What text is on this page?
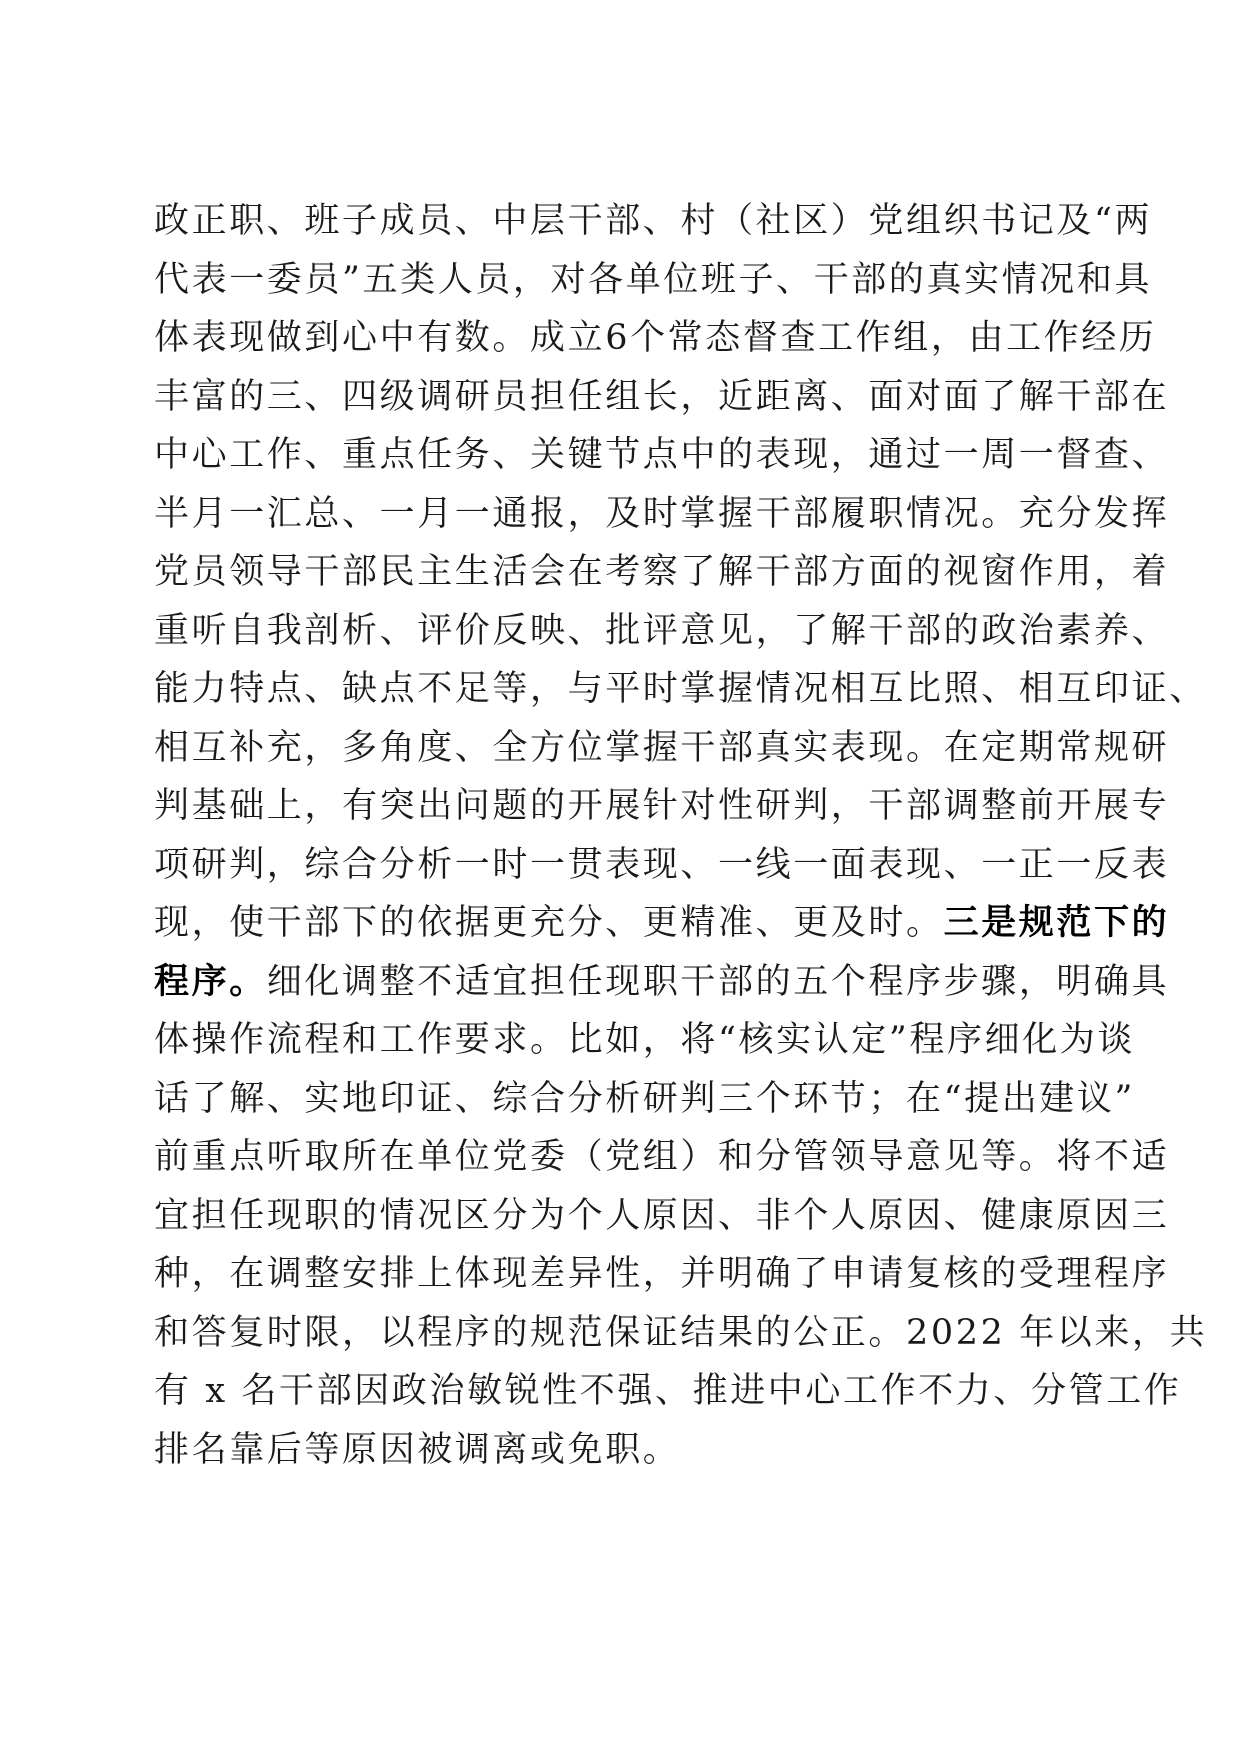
政正职、班子成员、中层干部、村（社区）党组织书记及“两
代表一委员”五类人员，对各单位班子、干部的真实情况和具
体表现做到心中有数。成立6个常态督查工作组，由工作经历
丰富的三、四级调研员担任组长，近距离、面对面了解干部在
中心工作、重点任务、关键节点中的表现，通过一周一督查、
半月一汇总、一月一通报，及时掌握干部履职情况。充分发挥
党员领导干部民主生活会在考察了解干部方面的视窗作用，着
重听自我剖析、评价反映、批评意见，了解干部的政治素养、
能力特点、缺点不足等，与平时掌握情况相互比照、相互印证、
相互补充，多角度、全方位掌握干部真实表现。在定期常规研
判基础上，有突出问题的开展针对性研判，干部调整前开展专
项研判，综合分析一时一贯表现、一线一面表现、一正一反表
现，使干部下的依据更充分、更精准、更及时。三是规范下的
程序。细化调整不适宜担任现职干部的五个程序步骤，明确具
体操作流程和工作要求。比如，将“核实认定”程序细化为谈
话了解、实地印证、综合分析研判三个环节；在“提出建议”
前重点听取所在单位党委（党组）和分管领导意见等。将不适
宜担任现职的情况区分为个人原因、非个人原因、健康原因三
种，在调整安排上体现差异性，并明确了申请复核的受理程序
和答复时限，以程序的规范保证结果的公正。2022 年以来，共
有 x 名干部因政治敏锐性不强、推进中心工作不力、分管工作
排名靠后等原因被调离或免职。
